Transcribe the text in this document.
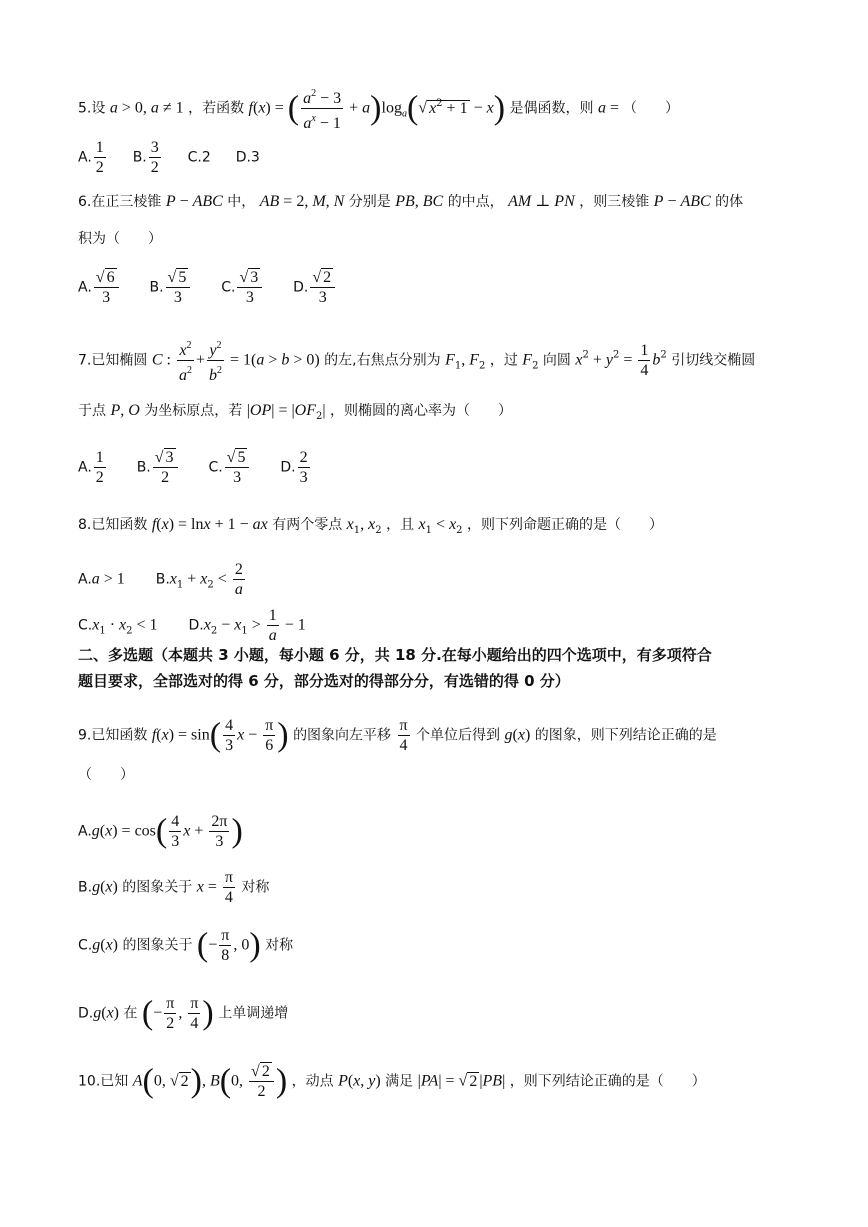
5.设 a > 0, a ≠ 1 ，若函数 f(x) = ( $\frac{a^2 - 3}{a^x - 1} + a)\log_a(√$ $x^2 + 1 - x$) 是偶函数，则 a = （　　）
A. $\frac{1}{2} B$. $\frac{3}{2} C.2$ D.3
6.在正三棱锥 P − ABC 中， AB = 2, M, N 分别是 PB, BC 的中点， AM ⊥ PN ，则三棱锥 P − ABC 的体
积为（　　）
A. $\frac{√ 6}{3} B$. $\frac{√ 5}{3} C$. $\frac{√ 3}{3} D$. $\frac{√ 2}{3}$
7.已知椭圆 C : $\frac{x^2}{a^2} + \frac{y^2}{b^2} = 1(a > b > 0)$ 的左,右焦点分别为 $F_1$, $F_2$ ，过 $F_2$ 向圆 $x^2 + y^2 = \frac{1}{4} b^2$ 引切线交椭圆
于点 P, O 为坐标原点，若 $|OP| = |OF_2|$ ，则椭圆的离心率为（　　）
A. $\frac{1}{2} B$. $\frac{√ 3}{2} C$. $\frac{√ 5}{3} D$. $\frac{2}{3}$
8.已知函数 f(x) = lnx + 1 − ax 有两个零点 $x_1$, $x_2$ ，且 $x_1 < x_2$ ，则下列命题正确的是（　　）
A.a > 1 $B.x_1 + x_2 < \frac{2}{a}$
$C.x_1 \cdot x_2 < 1$ $D.x_2 - x_1 > \frac{1}{a} - 1$
二、多选题（本题共 3 小题，每小题 6 分，共 18 分.在每小题给出的四个选项中，有多项符合
题目要求，全部选对的得 6 分，部分选对的得部分分，有选错的得 0 分）
9.已知函数 $f(x) = \sin( \frac{4}{3}$ $x - \frac{\pi}{6}$ ) 的图象向左平移 $\frac{\pi}{4}$ 个单位后得到 g(x) 的图象，则下列结论正确的是
（　　）
$A.g(x) = \cos( \frac{4}{3}$ $x + \frac{2\pi}{3}$ )
B.g(x) 的图象关于 $x = \frac{\pi}{4}$ 对称
C.g(x) 的图象关于 (− $\frac{\pi}{8}$ , 0) 对称
D.g(x) 在 (− $\frac{\pi}{2}$ , $\frac{\pi}{4}$ ) 上单调递增
10.已知 A(0, √ 2), B(0, $\frac{√ 2}{2}$ ) ，动点 P(x, y) 满足 |PA| = √ 2 |PB| ，则下列结论正确的是（　　）
